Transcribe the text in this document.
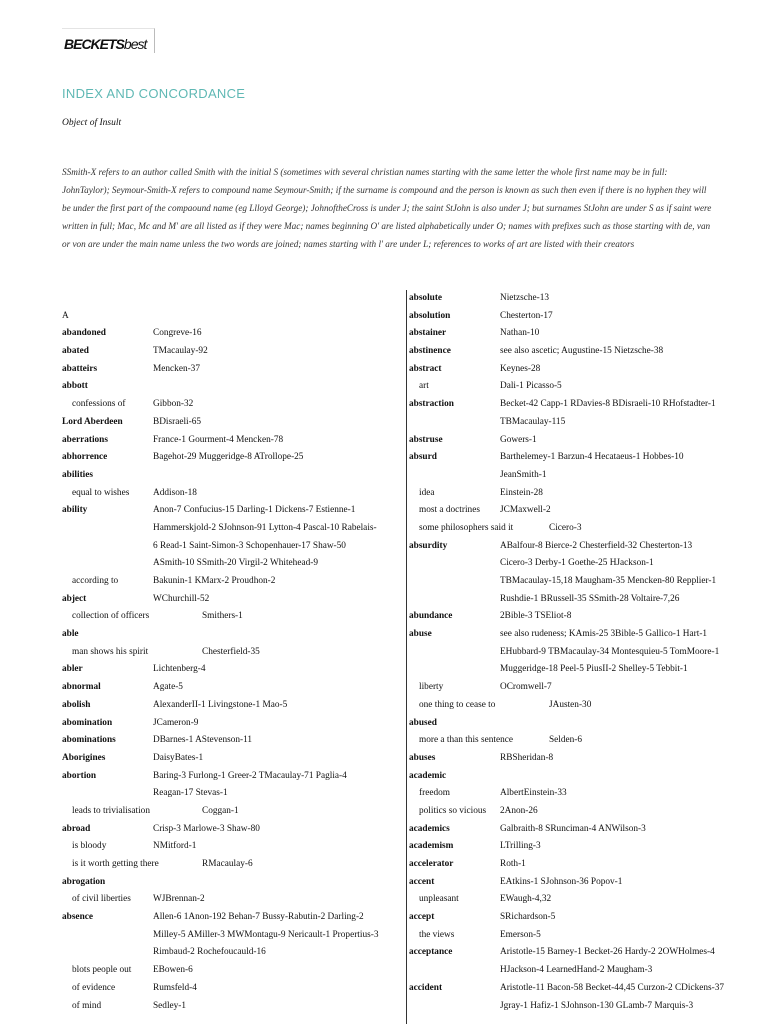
BECKETSbest
INDEX AND CONCORDANCE
Object of Insult
SSmith-X refers to an author called Smith with the initial S (sometimes with several christian names starting with the same letter the whole first name may be in full: JohnTaylor); Seymour-Smith-X refers to compound name Seymour-Smith; if the surname is compound and the person is known as such then even if there is no hyphen they will be under the first part of the compaound name (eg Llloyd George); JohnoftheCross is under J; the saint StJohn is also under J; but surnames StJohn are under S as if saint were written in full; Mac, Mc and M' are all listed as if they were Mac; names beginning O' are listed alphabetically under O; names with prefixes such as those starting with de, van or von are under the main name unless the two words are joined; names starting with l' are under L; references to works of art are listed with their creators
A
abandoned	Congreve-16
abated	TMacaulay-92
abatteirs	Mencken-37
abbott
confessions of	Gibbon-32
Lord Aberdeen	BDisraeli-65
aberrations	France-1 Gourment-4 Mencken-78
abhorrence	Bagehot-29 Muggeridge-8 ATrollope-25
abilities
equal to wishes	Addison-18
ability	Anon-7 Confucius-15 Darling-1 Dickens-7 Estienne-1
Hammerskjold-2 SJohnson-91 Lytton-4 Pascal-10 Rabelais-
6 Read-1 Saint-Simon-3 Schopenhauer-17 Shaw-50
ASmith-10 SSmith-20 Virgil-2 Whitehead-9
according to	Bakunin-1 KMarx-2 Proudhon-2
abject	WChurchill-52
collection of officers	Smithers-1
able
man shows his spirit	Chesterfield-35
abler	Lichtenberg-4
abnormal	Agate-5
abolish	AlexanderII-1 Livingstone-1 Mao-5
abomination	JCameron-9
abominations	DBarnes-1 AStevenson-11
Aborigines	DaisyBates-1
abortion	Baring-3 Furlong-1 Greer-2 TMacaulay-71 Paglia-4
Reagan-17 Stevas-1
leads to trivialisation	Coggan-1
abroad	Crisp-3 Marlowe-3 Shaw-80
is bloody	NMitford-1
is it worth getting there	RMacaulay-6
abrogation
of civil liberties WJBrennan-2
absence	Allen-6 1Anon-192 Behan-7 Bussy-Rabutin-2 Darling-2
Milley-5 AMiller-3 MWMontagu-9 Nericault-1 Propertius-3
Rimbaud-2 Rochefoucauld-16
blots people out EBowen-6
of evidence	Rumsfeld-4
of mind	Sedley-1
absolute	Nietzsche-13
absolution	Chesterton-17
abstainer	Nathan-10
abstinence	see also ascetic; Augustine-15 Nietzsche-38
abstract	Keynes-28
art	Dali-1 Picasso-5
abstraction	Becket-42 Capp-1 RDavies-8 BDisraeli-10 RHofstadter-1
TBMacaulay-115
abstruse	Gowers-1
absurd	Barthelemey-1 Barzun-4 Hecataeus-1 Hobbes-10
JeanSmith-1
idea	Einstein-28
most a doctrines JCMaxwell-2
some philosophers said it	Cicero-3
absurdity	ABalfour-8 Bierce-2 Chesterfield-32 Chesterton-13
Cicero-3 Derby-1 Goethe-25 HJackson-1
TBMacaulay-15,18 Maugham-35 Mencken-80 Repplier-1
Rushdie-1 BRussell-35 SSmith-28 Voltaire-7,26
abundance	2Bible-3 TSEliot-8
abuse	see also rudeness; KAmis-25 3Bible-5 Gallico-1 Hart-1
EHubbard-9 TBMacaulay-34 Montesquieu-5 TomMoore-1
Muggeridge-18 Peel-5 PiusII-2 Shelley-5 Tebbit-1
liberty	OCromwell-7
one thing to cease to	JAusten-30
abused
more a than this sentence	Selden-6
abuses	RBSheridan-8
academic
freedom	AlbertEinstein-33
politics so vicious 2Anon-26
academics	Galbraith-8 SRunciman-4 ANWilson-3
academism	LTrilling-3
accelerator	Roth-1
accent	EAtkins-1 SJohnson-36 Popov-1
unpleasant	EWaugh-4,32
accept	SRichardson-5
the views	Emerson-5
acceptance	Aristotle-15 Barney-1 Becket-26 Hardy-2 2OWHolmes-4
HJackson-4 LearnedHand-2 Maugham-3
accident	Aristotle-11 Bacon-58 Becket-44,45 Curzon-2 CDickens-37
Jgray-1 Hafiz-1 SJohnson-130 GLamb-7 Marquis-3
